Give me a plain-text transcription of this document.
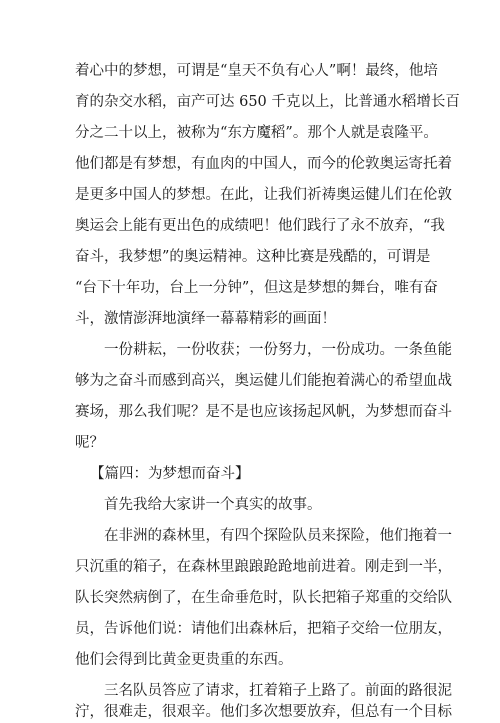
着心中的梦想，可谓是“皇天不负有心人”啊！最终，他培
育的杂交水稻，亩产可达 650 千克以上，比普通水稻增长百
分之二十以上，被称为“东方魔稻”。那个人就是袁隆平。
他们都是有梦想，有血肉的中国人，而今的伦敦奥运寄托着
是更多中国人的梦想。在此，让我们祈祷奥运健儿们在伦敦
奥运会上能有更出色的成绩吧！他们践行了永不放弃，“我
奋斗，我梦想”的奥运精神。这种比赛是残酷的，可谓是
“台下十年功，台上一分钟”，但这是梦想的舞台，唯有奋
斗，激情澎湃地演绎一幕幕精彩的画面！
一份耕耘，一份收获；一份努力，一份成功。一条鱼能
够为之奋斗而感到高兴，奥运健儿们能抱着满心的希望血战
赛场，那么我们呢？是不是也应该扬起风帆，为梦想而奋斗
呢？
【篇四：为梦想而奋斗】
首先我给大家讲一个真实的故事。
在非洲的森林里，有四个探险队员来探险，他们拖着一
只沉重的箱子，在森林里踉踉跄跄地前进着。刚走到一半，
队长突然病倒了，在生命垂危时，队长把箱子郑重的交给队
员，告诉他们说：请他们出森林后，把箱子交给一位朋友，
他们会得到比黄金更贵重的东西。
三名队员答应了请求，扛着箱子上路了。前面的路很泥
泞，很难走，很艰辛。他们多次想要放弃，但总有一个目标
